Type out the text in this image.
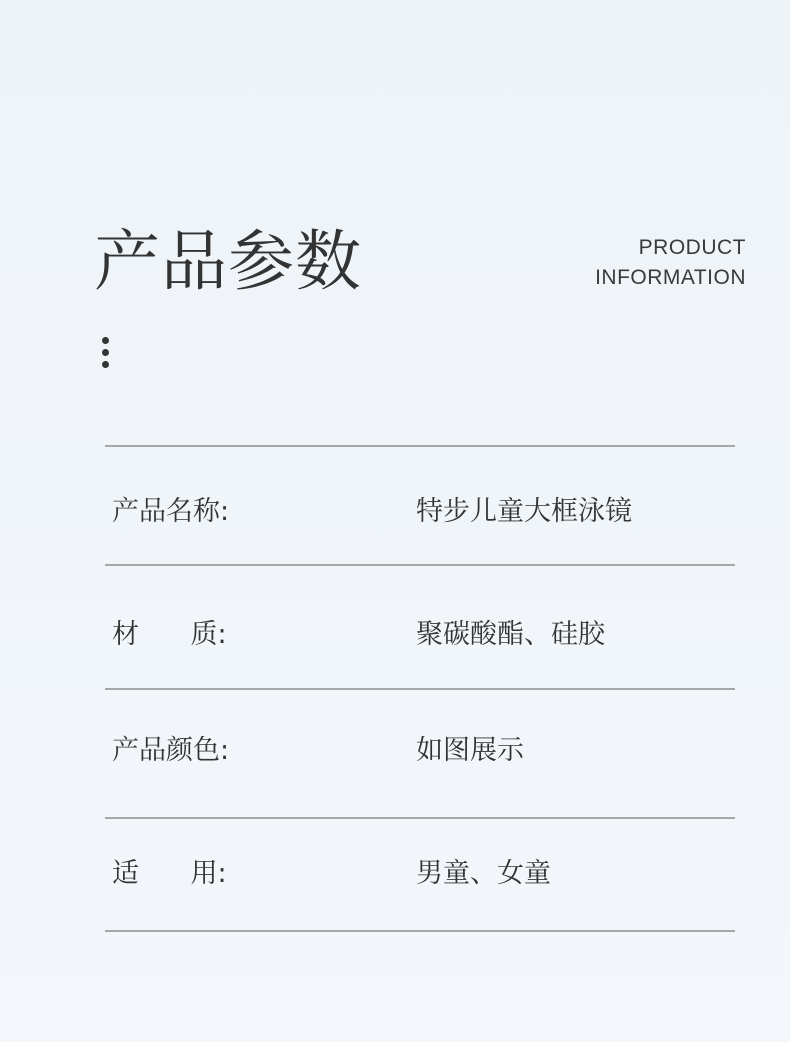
产品参数	PRODUCT
INFORMATION
产品名称:	特步儿童大框泳镜
材      质:	聚碳酸酯、硅胶
产品颜色:	如图展示
适      用:	男童、女童
